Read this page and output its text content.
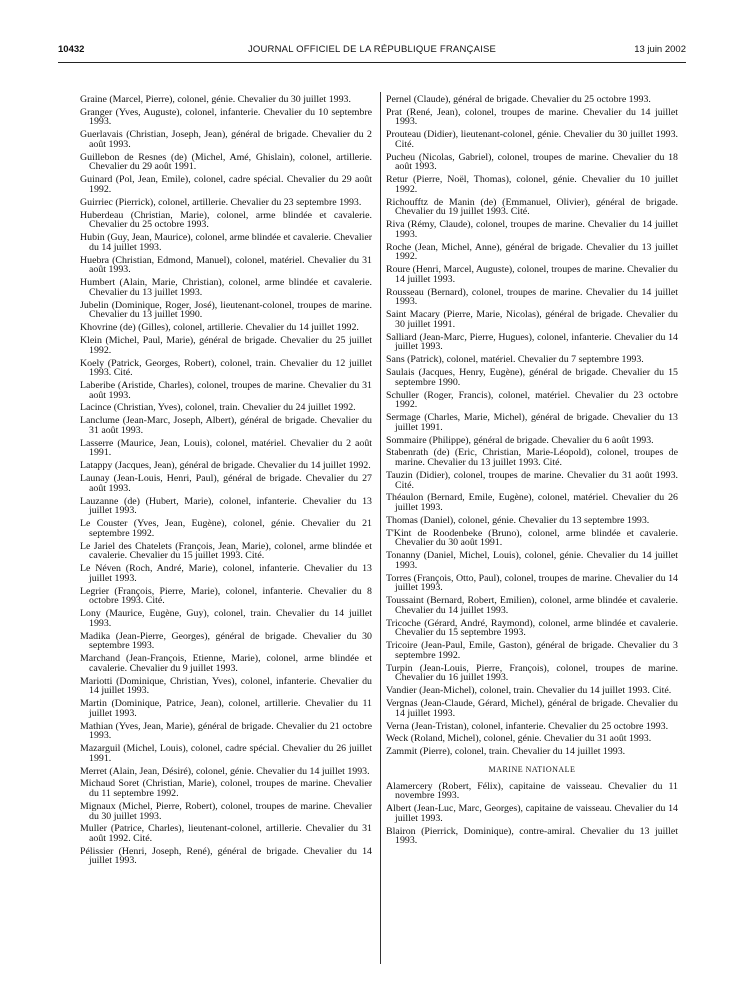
10432	JOURNAL OFFICIEL DE LA RÉPUBLIQUE FRANÇAISE	13 juin 2002
Graine (Marcel, Pierre), colonel, génie. Chevalier du 30 juillet 1993.
Granger (Yves, Auguste), colonel, infanterie. Chevalier du 10 septembre 1993.
Guerlavais (Christian, Joseph, Jean), général de brigade. Chevalier du 2 août 1993.
Guillebon de Resnes (de) (Michel, Amé, Ghislain), colonel, artillerie. Chevalier du 29 août 1991.
Guinard (Pol, Jean, Emile), colonel, cadre spécial. Chevalier du 29 août 1992.
Guirriec (Pierrick), colonel, artillerie. Chevalier du 23 septembre 1993.
Huberdeau (Christian, Marie), colonel, arme blindée et cavalerie. Chevalier du 25 octobre 1993.
Hubin (Guy, Jean, Maurice), colonel, arme blindée et cavalerie. Chevalier du 14 juillet 1993.
Huebra (Christian, Edmond, Manuel), colonel, matériel. Chevalier du 31 août 1993.
Humbert (Alain, Marie, Christian), colonel, arme blindée et cavalerie. Chevalier du 13 juillet 1993.
Jubelin (Dominique, Roger, José), lieutenant-colonel, troupes de marine. Chevalier du 13 juillet 1990.
Khovrine (de) (Gilles), colonel, artillerie. Chevalier du 14 juillet 1992.
Klein (Michel, Paul, Marie), général de brigade. Chevalier du 25 juillet 1992.
Koely (Patrick, Georges, Robert), colonel, train. Chevalier du 12 juillet 1993. Cité.
Laberibe (Aristide, Charles), colonel, troupes de marine. Chevalier du 31 août 1993.
Lacince (Christian, Yves), colonel, train. Chevalier du 24 juillet 1992.
Lanclume (Jean-Marc, Joseph, Albert), général de brigade. Chevalier du 31 août 1993.
Lasserre (Maurice, Jean, Louis), colonel, matériel. Chevalier du 2 août 1991.
Latappy (Jacques, Jean), général de brigade. Chevalier du 14 juillet 1992.
Launay (Jean-Louis, Henri, Paul), général de brigade. Chevalier du 27 août 1993.
Lauzanne (de) (Hubert, Marie), colonel, infanterie. Chevalier du 13 juillet 1993.
Le Couster (Yves, Jean, Eugène), colonel, génie. Chevalier du 21 septembre 1992.
Le Jariel des Chatelets (François, Jean, Marie), colonel, arme blindée et cavalerie. Chevalier du 15 juillet 1993. Cité.
Le Néven (Roch, André, Marie), colonel, infanterie. Chevalier du 13 juillet 1993.
Legrier (François, Pierre, Marie), colonel, infanterie. Chevalier du 8 octobre 1993. Cité.
Lony (Maurice, Eugène, Guy), colonel, train. Chevalier du 14 juillet 1993.
Madika (Jean-Pierre, Georges), général de brigade. Chevalier du 30 septembre 1993.
Marchand (Jean-François, Etienne, Marie), colonel, arme blindée et cavalerie. Chevalier du 9 juillet 1993.
Mariotti (Dominique, Christian, Yves), colonel, infanterie. Chevalier du 14 juillet 1993.
Martin (Dominique, Patrice, Jean), colonel, artillerie. Chevalier du 11 juillet 1993.
Mathian (Yves, Jean, Marie), général de brigade. Chevalier du 21 octobre 1993.
Mazarguil (Michel, Louis), colonel, cadre spécial. Chevalier du 26 juillet 1991.
Merret (Alain, Jean, Désiré), colonel, génie. Chevalier du 14 juillet 1993.
Michaud Soret (Christian, Marie), colonel, troupes de marine. Chevalier du 11 septembre 1992.
Mignaux (Michel, Pierre, Robert), colonel, troupes de marine. Chevalier du 30 juillet 1993.
Muller (Patrice, Charles), lieutenant-colonel, artillerie. Chevalier du 31 août 1992. Cité.
Pélissier (Henri, Joseph, René), général de brigade. Chevalier du 14 juillet 1993.
Pernel (Claude), général de brigade. Chevalier du 25 octobre 1993.
Prat (René, Jean), colonel, troupes de marine. Chevalier du 14 juillet 1993.
Prouteau (Didier), lieutenant-colonel, génie. Chevalier du 30 juillet 1993. Cité.
Pucheu (Nicolas, Gabriel), colonel, troupes de marine. Chevalier du 18 août 1993.
Retur (Pierre, Noël, Thomas), colonel, génie. Chevalier du 10 juillet 1992.
Richoufftz de Manin (de) (Emmanuel, Olivier), général de brigade. Chevalier du 19 juillet 1993. Cité.
Riva (Rémy, Claude), colonel, troupes de marine. Chevalier du 14 juillet 1993.
Roche (Jean, Michel, Anne), général de brigade. Chevalier du 13 juillet 1992.
Roure (Henri, Marcel, Auguste), colonel, troupes de marine. Chevalier du 14 juillet 1993.
Rousseau (Bernard), colonel, troupes de marine. Chevalier du 14 juillet 1993.
Saint Macary (Pierre, Marie, Nicolas), général de brigade. Chevalier du 30 juillet 1991.
Salliard (Jean-Marc, Pierre, Hugues), colonel, infanterie. Chevalier du 14 juillet 1993.
Sans (Patrick), colonel, matériel. Chevalier du 7 septembre 1993.
Saulais (Jacques, Henry, Eugène), général de brigade. Chevalier du 15 septembre 1990.
Schuller (Roger, Francis), colonel, matériel. Chevalier du 23 octobre 1992.
Sermage (Charles, Marie, Michel), général de brigade. Chevalier du 13 juillet 1991.
Sommaire (Philippe), général de brigade. Chevalier du 6 août 1993.
Stabenrath (de) (Eric, Christian, Marie-Léopold), colonel, troupes de marine. Chevalier du 13 juillet 1993. Cité.
Tauzin (Didier), colonel, troupes de marine. Chevalier du 31 août 1993. Cité.
Théaulon (Bernard, Emile, Eugène), colonel, matériel. Chevalier du 26 juillet 1993.
Thomas (Daniel), colonel, génie. Chevalier du 13 septembre 1993.
T'Kint de Roodenbeke (Bruno), colonel, arme blindée et cavalerie. Chevalier du 30 août 1991.
Tonanny (Daniel, Michel, Louis), colonel, génie. Chevalier du 14 juillet 1993.
Torres (François, Otto, Paul), colonel, troupes de marine. Chevalier du 14 juillet 1993.
Toussaint (Bernard, Robert, Emilien), colonel, arme blindée et cavalerie. Chevalier du 14 juillet 1993.
Tricoche (Gérard, André, Raymond), colonel, arme blindée et cavalerie. Chevalier du 15 septembre 1993.
Tricoire (Jean-Paul, Emile, Gaston), général de brigade. Chevalier du 3 septembre 1992.
Turpin (Jean-Louis, Pierre, François), colonel, troupes de marine. Chevalier du 16 juillet 1993.
Vandier (Jean-Michel), colonel, train. Chevalier du 14 juillet 1993. Cité.
Vergnas (Jean-Claude, Gérard, Michel), général de brigade. Chevalier du 14 juillet 1993.
Verna (Jean-Tristan), colonel, infanterie. Chevalier du 25 octobre 1993.
Weck (Roland, Michel), colonel, génie. Chevalier du 31 août 1993.
Zammit (Pierre), colonel, train. Chevalier du 14 juillet 1993.
MARINE NATIONALE
Alamercery (Robert, Félix), capitaine de vaisseau. Chevalier du 11 novembre 1993.
Albert (Jean-Luc, Marc, Georges), capitaine de vaisseau. Chevalier du 14 juillet 1993.
Blairon (Pierrick, Dominique), contre-amiral. Chevalier du 13 juillet 1993.
